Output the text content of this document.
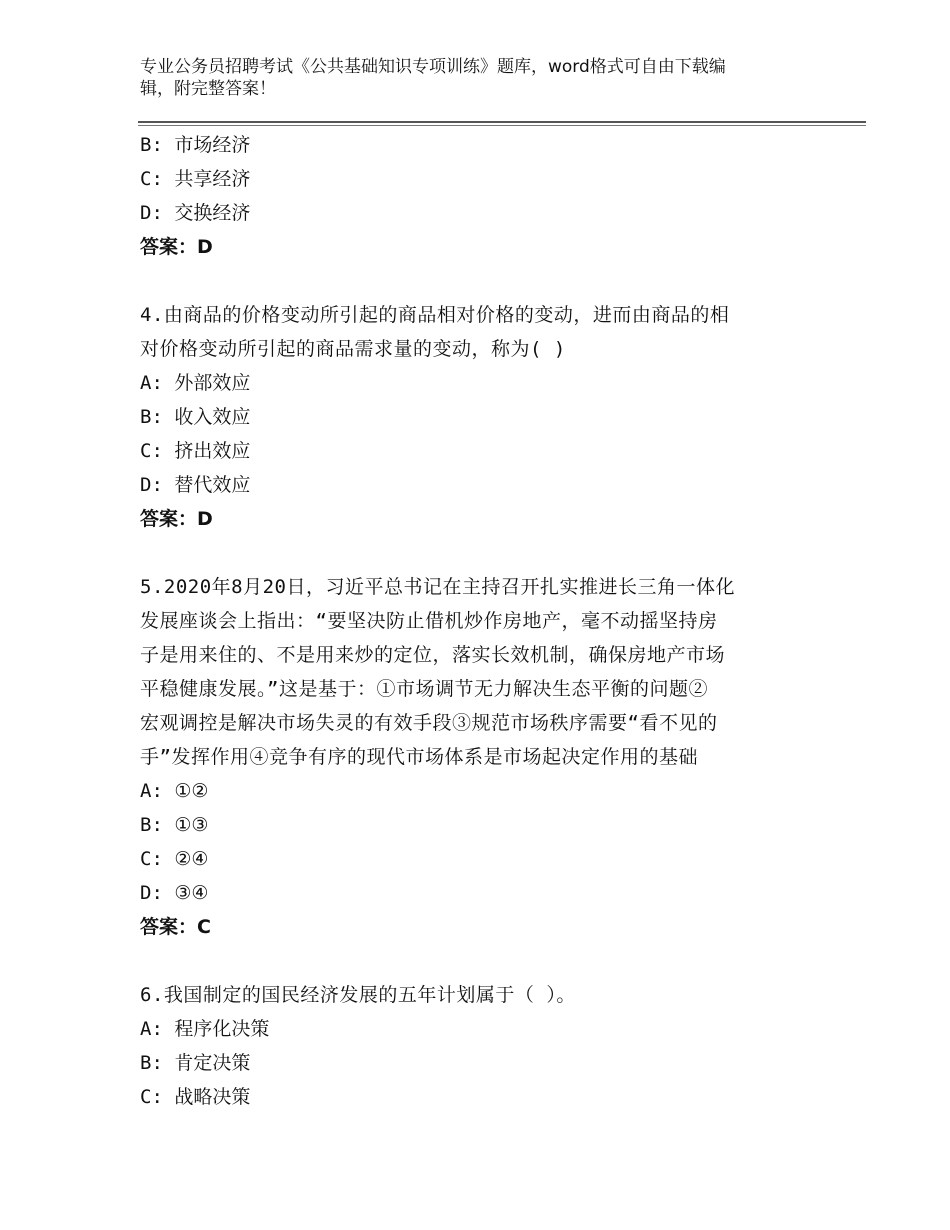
专业公务员招聘考试《公共基础知识专项训练》题库，word格式可自由下载编
辑，附完整答案！
B: 市场经济
C: 共享经济
D: 交换经济
答案：D
4.由商品的价格变动所引起的商品相对价格的变动，进而由商品的相
对价格变动所引起的商品需求量的变动，称为( )
A: 外部效应
B: 收入效应
C: 挤出效应
D: 替代效应
答案：D
5.2020年8月20日，习近平总书记在主持召开扎实推进长三角一体化
发展座谈会上指出：“要坚决防止借机炒作房地产，毫不动摇坚持房
子是用来住的、不是用来炒的定位，落实长效机制，确保房地产市场
平稳健康发展。”这是基于：①市场调节无力解决生态平衡的问题②
宏观调控是解决市场失灵的有效手段③规范市场秩序需要“看不见的
手”发挥作用④竞争有序的现代市场体系是市场起决定作用的基础
A: ①②
B: ①③
C: ②④
D: ③④
答案：C
6.我国制定的国民经济发展的五年计划属于（ ）。
A: 程序化决策
B: 肯定决策
C: 战略决策
